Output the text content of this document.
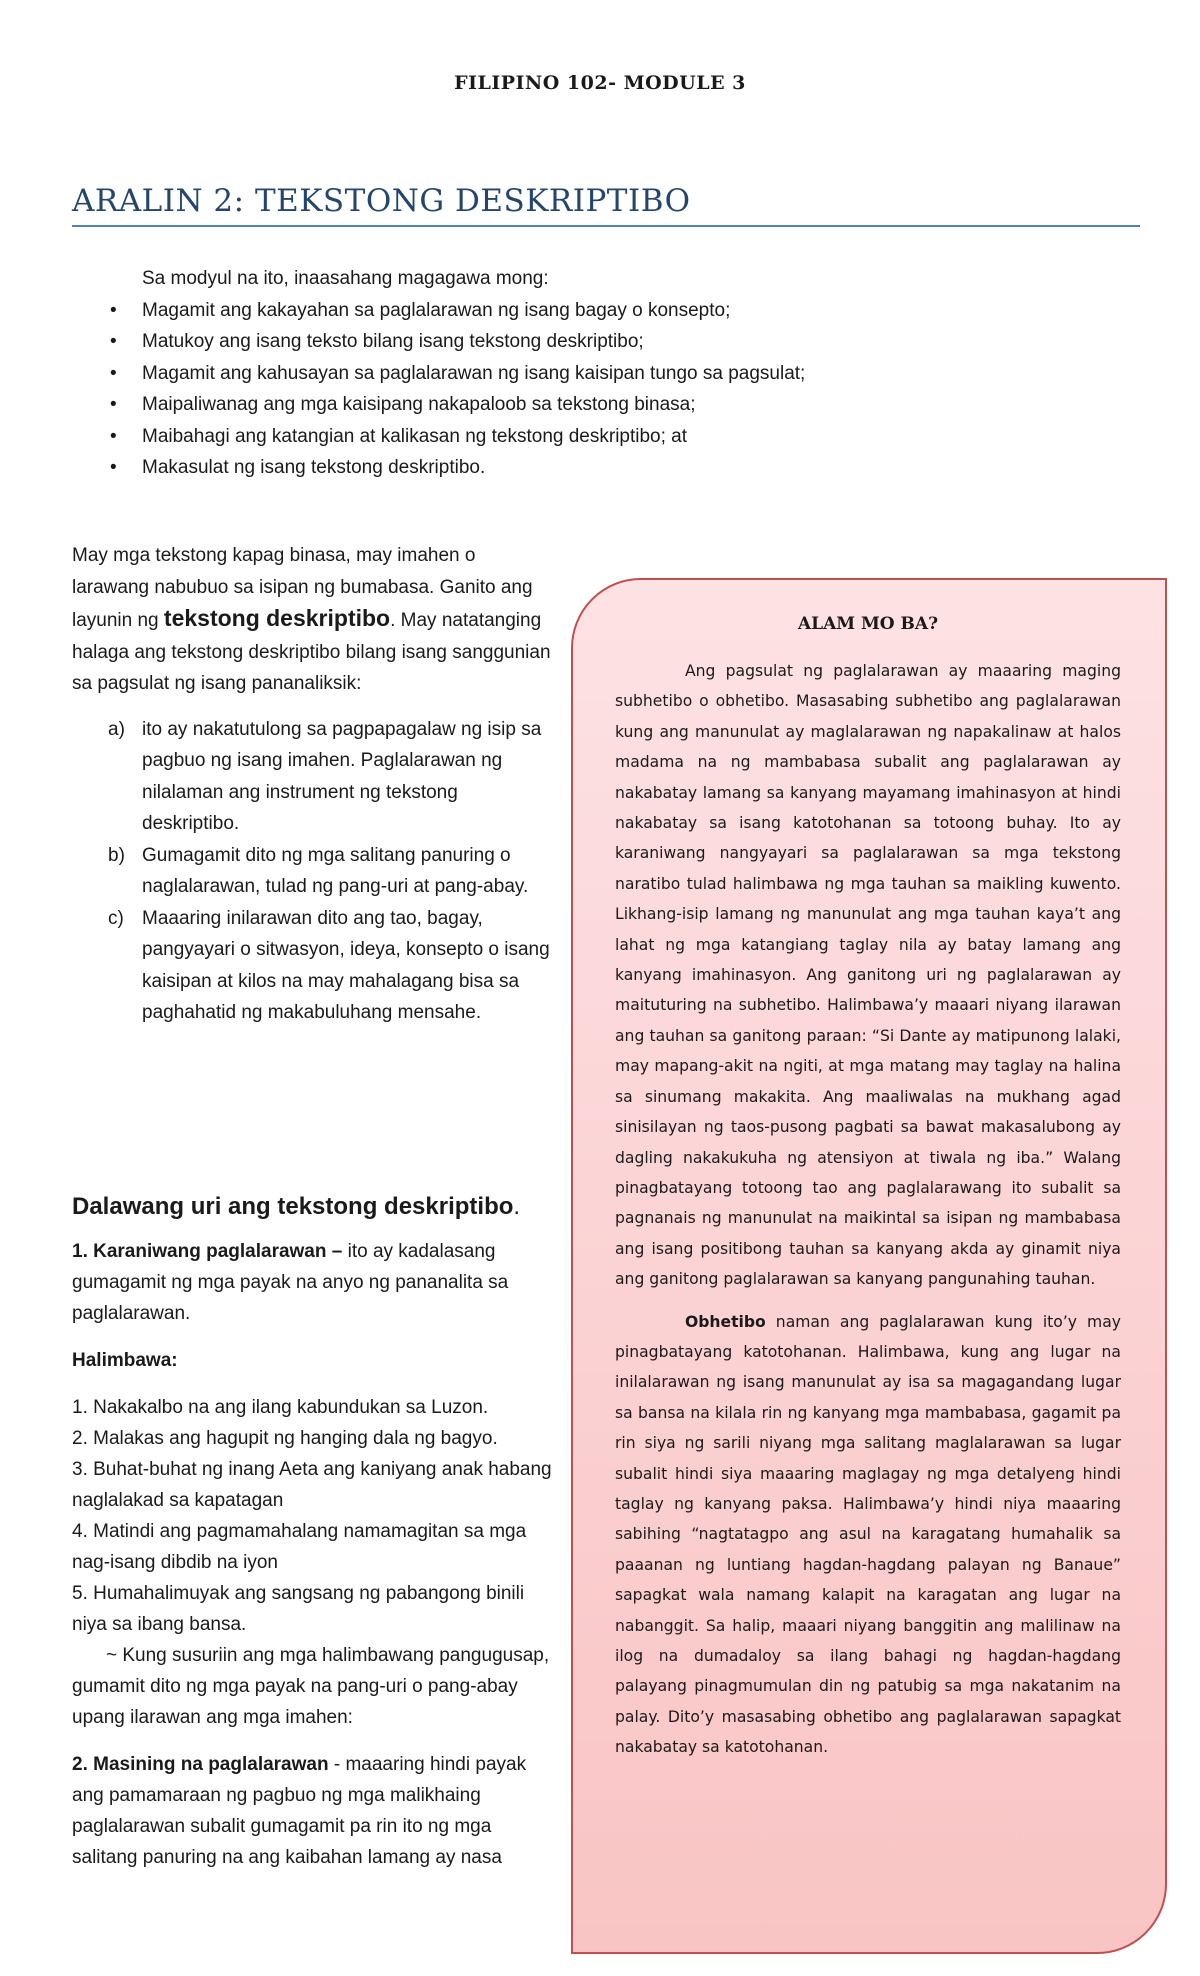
FILIPINO 102- MODULE 3
ARALIN 2: TEKSTONG DESKRIPTIBO
Sa modyul na ito, inaasahang magagawa mong:
• Magamit ang kakayahan sa paglalarawan ng isang bagay o konsepto;
• Matukoy ang isang teksto bilang isang tekstong deskriptibo;
• Magamit ang kahusayan sa paglalarawan ng isang kaisipan tungo sa pagsulat;
• Maipaliwanag ang mga kaisipang nakapaloob sa tekstong binasa;
• Maibahagi ang katangian at kalikasan ng tekstong deskriptibo; at
• Makasulat ng isang tekstong deskriptibo.

May mga tekstong kapag binasa, may imahen o larawang nabubuo sa isipan ng bumabasa. Ganito ang layunin ng tekstong deskriptibo. May natatanging halaga ang tekstong deskriptibo bilang isang sanggunian sa pagsulat ng isang pananaliksik:

a) ito ay nakatutulong sa pagpapagalaw ng isip sa pagbuo ng isang imahen. Paglalarawan ng nilalaman ang instrument ng tekstong deskriptibo.
b) Gumagamit dito ng mga salitang panuring o naglalarawan, tulad ng pang-uri at pang-abay.
c) Maaaring inilarawan dito ang tao, bagay, pangyayari o sitwasyon, ideya, konsepto o isang kaisipan at kilos na may mahalagang bisa sa paghahatid ng makabuluhang mensahe.

Dalawang uri ang tekstong deskriptibo.

1. Karaniwang paglalarawan – ito ay kadalasang gumagamit ng mga payak na anyo ng pananalita sa paglalarawan.

Halimbawa:

1. Nakakalbo na ang ilang kabundukan sa Luzon.

2. Malakas ang hagupit ng hanging dala ng bagyo.

3. Buhat-buhat ng inang Aeta ang kaniyang anak habang naglalakad sa kapatagan

4. Matindi ang pagmamahalang namamagitan sa mga nag-isang dibdib na iyon

5. Humahalimuyak ang sangsang ng pabangong binili niya sa ibang bansa.

~ Kung susuriin ang mga halimbawang pangugusap, gumamit dito ng mga payak na pang-uri o pang-abay upang ilarawan ang mga imahen:

2. Masining na paglalarawan - maaaring hindi payak ang pamamaraan ng pagbuo ng mga malikhaing paglalarawan subalit gumagamit pa rin ito ng mga salitang panuring na ang kaibahan lamang ay nasa

ALAM MO BA?

Ang pagsulat ng paglalarawan ay maaaring maging subhetibo o obhetibo. Masasabing subhetibo ang paglalarawan kung ang manunulat ay maglalarawan ng napakalinaw at halos madama na ng mambabasa subalit ang paglalarawan ay nakabatay lamang sa kanyang mayamang imahinasyon at hindi nakabatay sa isang katotohanan sa totoong buhay. Ito ay karaniwang nangyayari sa paglalarawan sa mga tekstong naratibo tulad halimbawa ng mga tauhan sa maikling kuwento. Likhang-isip lamang ng manunulat ang mga tauhan kaya’t ang lahat ng mga katangiang taglay nila ay batay lamang ang kanyang imahinasyon. Ang ganitong uri ng paglalarawan ay maituturing na subhetibo. Halimbawa’y maaari niyang ilarawan ang tauhan sa ganitong paraan: “Si Dante ay matipunong lalaki, may mapang-akit na ngiti, at mga matang may taglay na halina sa sinumang makakita. Ang maaliwalas na mukhang agad sinisilayan ng taos-pusong pagbati sa bawat makasalubong ay dagling nakakukuha ng atensiyon at tiwala ng iba.” Walang pinagbatayang totoong tao ang paglalarawang ito subalit sa pagnanais ng manunulat na maikintal sa isipan ng mambabasa ang isang positibong tauhan sa kanyang akda ay ginamit niya ang ganitong paglalarawan sa kanyang pangunahing tauhan.

Obhetibo naman ang paglalarawan kung ito’y may pinagbatayang katotohanan. Halimbawa, kung ang lugar na inilalarawan ng isang manunulat ay isa sa magagandang lugar sa bansa na kilala rin ng kanyang mga mambabasa, gagamit pa rin siya ng sarili niyang mga salitang maglalarawan sa lugar subalit hindi siya maaaring maglagay ng mga detalyeng hindi taglay ng kanyang paksa. Halimbawa’y hindi niya maaaring sabihing “nagtatagpo ang asul na karagatang humahalik sa paaanan ng luntiang hagdan-hagdang palayan ng Banaue” sapagkat wala namang kalapit na karagatan ang lugar na nabanggit. Sa halip, maaari niyang banggitin ang malilinaw na ilog na dumadaloy sa ilang bahagi ng hagdan-hagdang palayang pinagmumulan din ng patubig sa mga nakatanim na palay. Dito’y masasabing obhetibo ang paglalarawan sapagkat nakabatay sa katotohanan.
